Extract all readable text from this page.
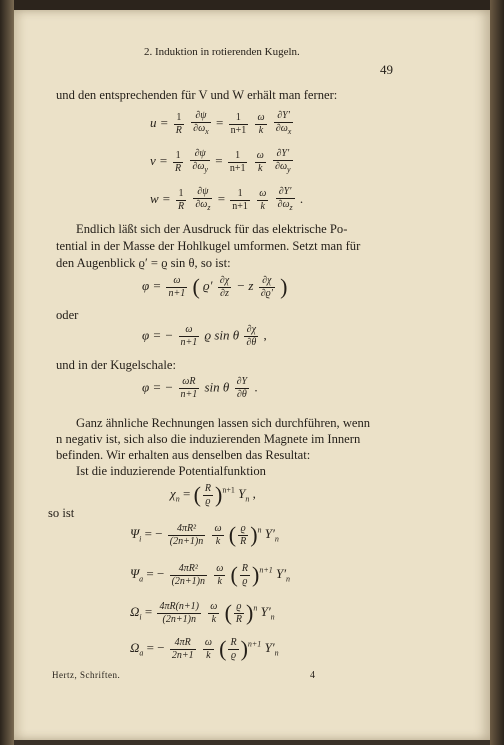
2. Induktion in rotierenden Kugeln.
49
und den entsprechenden für V und W erhält man ferner:
$u = \frac{1}{R}$
$\frac{\partial\psi}{\partial\omega_x} = \frac{1}{n+1}$
$\frac{\omega}{k}$
$\frac{\partial Y'}{\partial\omega_x}$
$v = \frac{1}{R}$
$\frac{\partial\psi}{\partial\omega_y} = \frac{1}{n+1}$
$\frac{\omega}{k}$
$\frac{\partial Y'}{\partial\omega_y}$
$w = \frac{1}{R}$
$\frac{\partial\psi}{\partial\omega_z} = \frac{1}{n+1}$
$\frac{\omega}{k}$
$\frac{\partial Y'}{\partial\omega_z}$ .
Endlich läßt sich der Ausdruck für das elektrische Po-
tential in der Masse der Hohlkugel umformen. Setzt man für
den Augenblick ϱ′ = ϱ sin θ, so ist:
$\varphi = \frac{\omega}{n+1}$ ( $ϱ' \frac{\partial\chi}{\partial z} - z \frac{\partial\chi}{\partial ϱ'}$ )
oder
φ = − $\frac{\omega}{n+1}$ ϱ sin θ $\frac{\partial\chi}{\partial\theta}$ ,
und in der Kugelschale:
φ = − $\frac{\omega R}{n+1}$ sin θ $\frac{\partial Y}{\partial\theta}$ .
Ganz ähnliche Rechnungen lassen sich durchführen, wenn
n negativ ist, sich also die induzierenden Magnete im Innern
befinden. Wir erhalten aus denselben das Resultat:
Ist die induzierende Potentialfunktion
$\chi_n$ = ( $\frac{R}{ϱ} )^{n+1}$ $Y_n$ ,
so ist
$\Psi_i$ = − $\frac{\text{4πR²}}{(2n+1)n}$
$\frac{\omega}{k}$ ( $\frac{ϱ}{R} )^n$ $Y'_n$
$\Psi_a$ = − $\frac{\text{4πR²}}{(2n+1)n}$
$\frac{\omega}{k}$ ( $\frac{R}{ϱ} )^{n+1}$ $Y'_n$
$\Omega_i = \frac{4\pi R(n+1)}{(2n+1)n}$
$\frac{\omega}{k}$ ( $\frac{ϱ}{R} )^n$ $Y'_n$
$\Omega_a$ = − $\frac{4\pi R}{2n+1}$
$\frac{\omega}{k}$ ( $\frac{R}{ϱ} )^{n+1}$ $Y'_n$
Hertz, Schriften.	4
